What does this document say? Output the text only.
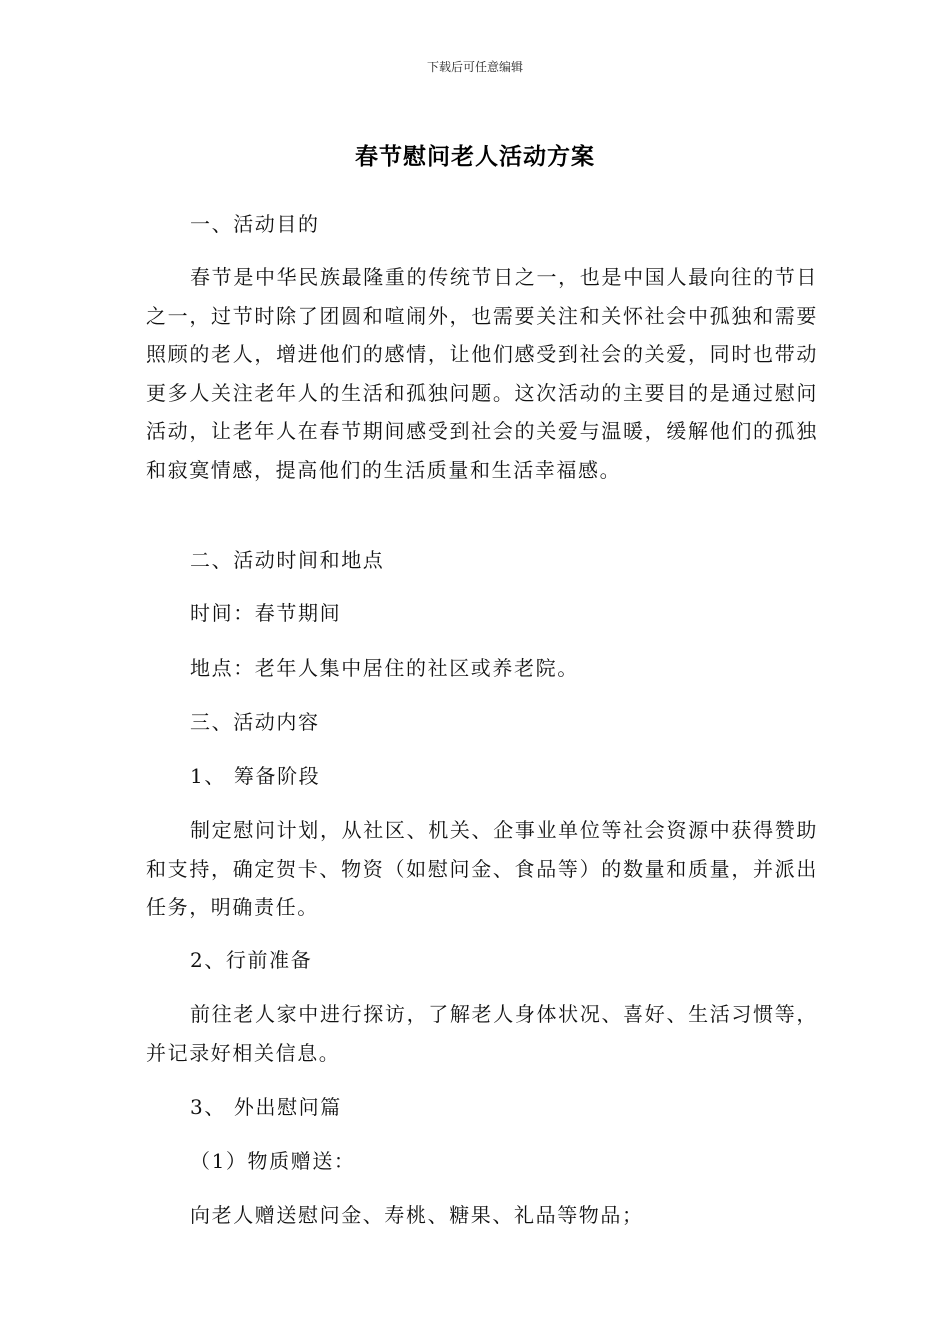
下载后可任意编辑
春节慰问老人活动方案

一、活动目的

春节是中华民族最隆重的传统节日之一，也是中国人最向往的节日之一，过节时除了团圆和喧闹外，也需要关注和关怀社会中孤独和需要照顾的老人，增进他们的感情，让他们感受到社会的关爱，同时也带动更多人关注老年人的生活和孤独问题。这次活动的主要目的是通过慰问活动，让老年人在春节期间感受到社会的关爱与温暖，缓解他们的孤独和寂寞情感，提高他们的生活质量和生活幸福感。

二、活动时间和地点

时间：春节期间

地点：老年人集中居住的社区或养老院。

三、活动内容

1、 筹备阶段

制定慰问计划，从社区、机关、企事业单位等社会资源中获得赞助和支持，确定贺卡、物资（如慰问金、食品等）的数量和质量，并派出任务，明确责任。

2、行前准备

前往老人家中进行探访，了解老人身体状况、喜好、生活习惯等，并记录好相关信息。

3、 外出慰问篇

（1）物质赠送：

向老人赠送慰问金、寿桃、糖果、礼品等物品；
